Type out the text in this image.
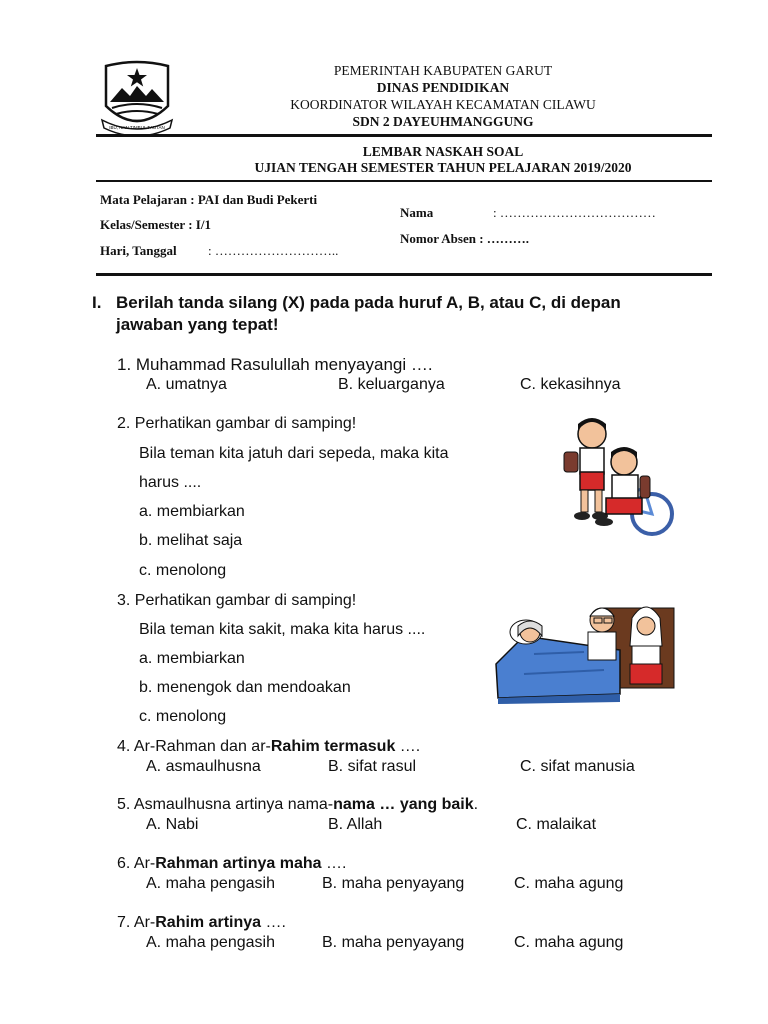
IBU, NAN TIMBUL TAUTAN
PEMERINTAH KABUPATEN GARUT
DINAS PENDIDIKAN
KOORDINATOR WILAYAH KECAMATAN CILAWU
SDN 2 DAYEUHMANGGUNG
LEMBAR NASKAH SOAL
UJIAN TENGAH SEMESTER TAHUN PELAJARAN 2019/2020
Mata Pelajaran : PAI dan Budi Pekerti
Kelas/Semester : I/1
Hari, Tanggal : ………………………..
Nama	: ………………………………
Nomor Absen : ……….
I. Berilah tanda silang (X) pada pada huruf A, B, atau C, di depan
jawaban yang tepat!
1. Muhammad Rasulullah menyayangi ….
A. umatnya	B. keluarganya	C. kekasihnya
2. Perhatikan gambar di samping!
Bila teman kita jatuh dari sepeda, maka kita
harus ....
a. membiarkan
b. melihat saja
c. menolong
3. Perhatikan gambar di samping!
Bila teman kita sakit, maka kita harus ....
a. membiarkan
b. menengok dan mendoakan
c. menolong
4. Ar-Rahman dan ar-Rahim termasuk ….
A. asmaulhusna	B. sifat rasul	C. sifat manusia
5. Asmaulhusna artinya nama-nama … yang baik.
A. Nabi	B. Allah	C. malaikat
6. Ar-Rahman artinya maha ….
A. maha pengasih	B. maha penyayang	C. maha agung
7. Ar-Rahim artinya ….
A. maha pengasih	B. maha penyayang	C. maha agung
